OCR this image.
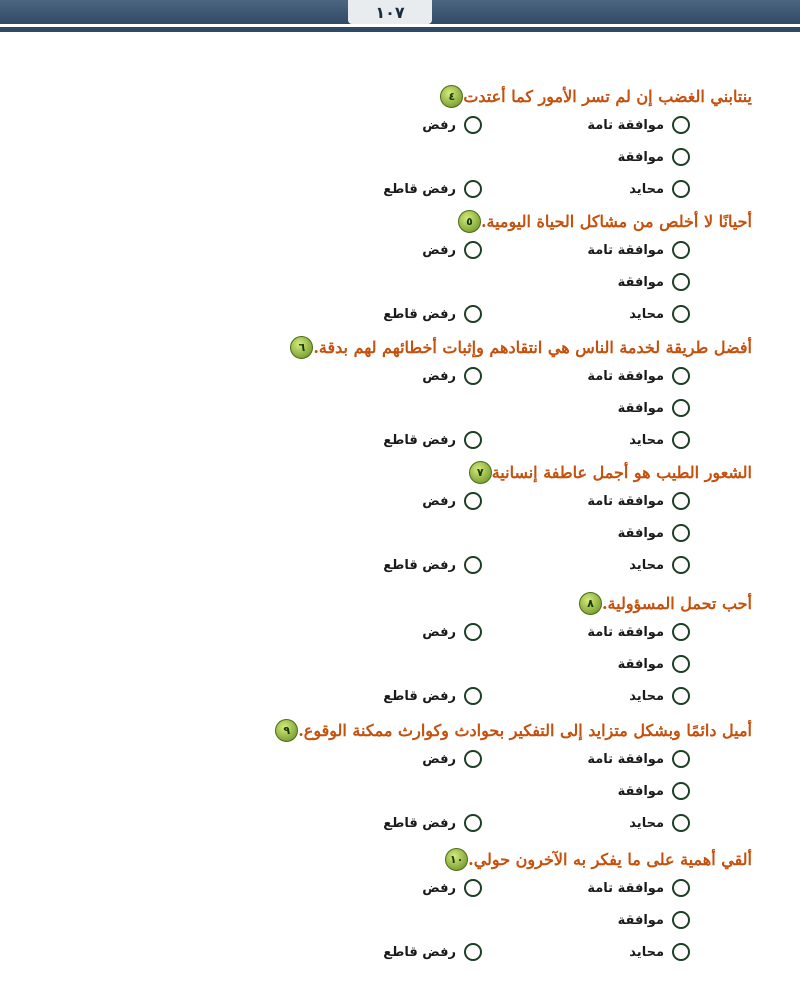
١٠٧
٤ ينتابني الغضب إن لم تسر الأمور كما أعتدت
موافقة تامة
موافقة
محايد
رفض
رفض قاطع
٥ أحيانًا لا أخلص من مشاكل الحياة اليومية.
موافقة تامة
موافقة
محايد
رفض
رفض قاطع
٦ أفضل طريقة لخدمة الناس هي انتقادهم وإثبات أخطائهم لهم بدقة.
موافقة تامة
موافقة
محايد
رفض
رفض قاطع
٧ الشعور الطيب هو أجمل عاطفة إنسانية
موافقة تامة
موافقة
محايد
رفض
رفض قاطع
٨ أحب تحمل المسؤولية.
موافقة تامة
موافقة
محايد
رفض
رفض قاطع
٩ أميل دائمًا وبشكل متزايد إلى التفكير بحوادث وكوارث ممكنة الوقوع.
موافقة تامة
موافقة
محايد
رفض
رفض قاطع
١٠ ألقي أهمية على ما يفكر به الآخرون حولي.
موافقة تامة
موافقة
محايد
رفض
رفض قاطع
